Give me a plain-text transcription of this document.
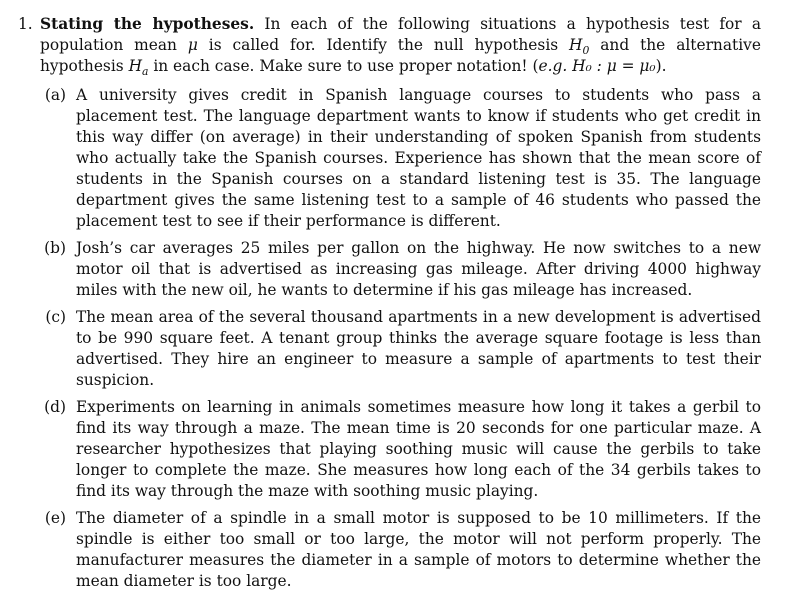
1. Stating the hypotheses. In each of the following situations a hypothesis test for a population mean μ is called for. Identify the null hypothesis $H_0$ and the alternative hypothesis $H_a$ in each case. Make sure to use proper notation! (e.g. H₀ : μ = μ₀).
(a) A university gives credit in Spanish language courses to students who pass a placement test. The language department wants to know if students who get credit in this way differ (on average) in their understanding of spoken Spanish from students who actually take the Spanish courses. Experience has shown that the mean score of students in the Spanish courses on a standard listening test is 35. The language department gives the same listening test to a sample of 46 students who passed the placement test to see if their performance is different.
(b) Josh’s car averages 25 miles per gallon on the highway. He now switches to a new motor oil that is advertised as increasing gas mileage. After driving 4000 highway miles with the new oil, he wants to determine if his gas mileage has increased.
(c) The mean area of the several thousand apartments in a new development is advertised to be 990 square feet. A tenant group thinks the average square footage is less than advertised. They hire an engineer to measure a sample of apartments to test their suspicion.
(d) Experiments on learning in animals sometimes measure how long it takes a gerbil to find its way through a maze. The mean time is 20 seconds for one particular maze. A researcher hypothesizes that playing soothing music will cause the gerbils to take longer to complete the maze. She measures how long each of the 34 gerbils takes to find its way through the maze with soothing music playing.
(e) The diameter of a spindle in a small motor is supposed to be 10 millimeters. If the spindle is either too small or too large, the motor will not perform properly. The manufacturer measures the diameter in a sample of motors to determine whether the mean diameter is too large.
